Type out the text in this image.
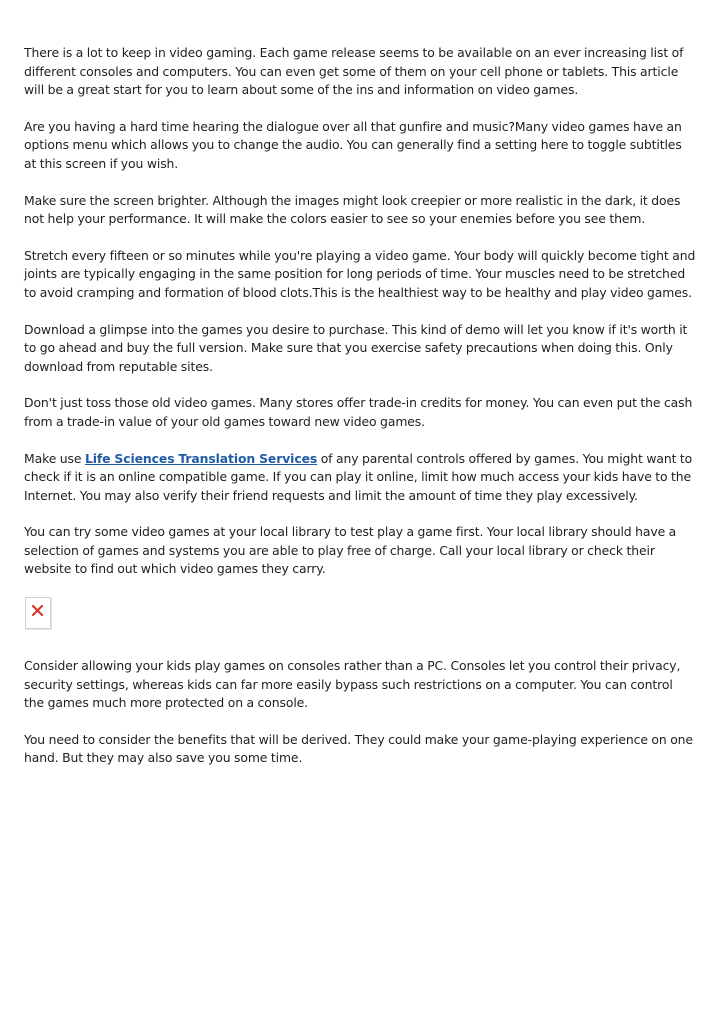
There is a lot to keep in video gaming. Each game release seems to be available on an ever increasing list of different consoles and computers. You can even get some of them on your cell phone or tablets. This article will be a great start for you to learn about some of the ins and information on video games.

Are you having a hard time hearing the dialogue over all that gunfire and music?Many video games have an options menu which allows you to change the audio. You can generally find a setting here to toggle subtitles at this screen if you wish.

Make sure the screen brighter. Although the images might look creepier or more realistic in the dark, it does not help your performance. It will make the colors easier to see so your enemies before you see them.

Stretch every fifteen or so minutes while you're playing a video game. Your body will quickly become tight and joints are typically engaging in the same position for long periods of time. Your muscles need to be stretched to avoid cramping and formation of blood clots.This is the healthiest way to be healthy and play video games.

Download a glimpse into the games you desire to purchase. This kind of demo will let you know if it's worth it to go ahead and buy the full version. Make sure that you exercise safety precautions when doing this. Only download from reputable sites.

Don't just toss those old video games. Many stores offer trade-in credits for money. You can even put the cash from a trade-in value of your old games toward new video games.

Make use Life Sciences Translation Services of any parental controls offered by games. You might want to check if it is an online compatible game. If you can play it online, limit how much access your kids have to the Internet. You may also verify their friend requests and limit the amount of time they play excessively.

You can try some video games at your local library to test play a game first. Your local library should have a selection of games and systems you are able to play free of charge. Call your local library or check their website to find out which video games they carry.

Consider allowing your kids play games on consoles rather than a PC. Consoles let you control their privacy, security settings, whereas kids can far more easily bypass such restrictions on a computer. You can control the games much more protected on a console.

You need to consider the benefits that will be derived. They could make your game-playing experience on one hand. But they may also save you some time.
